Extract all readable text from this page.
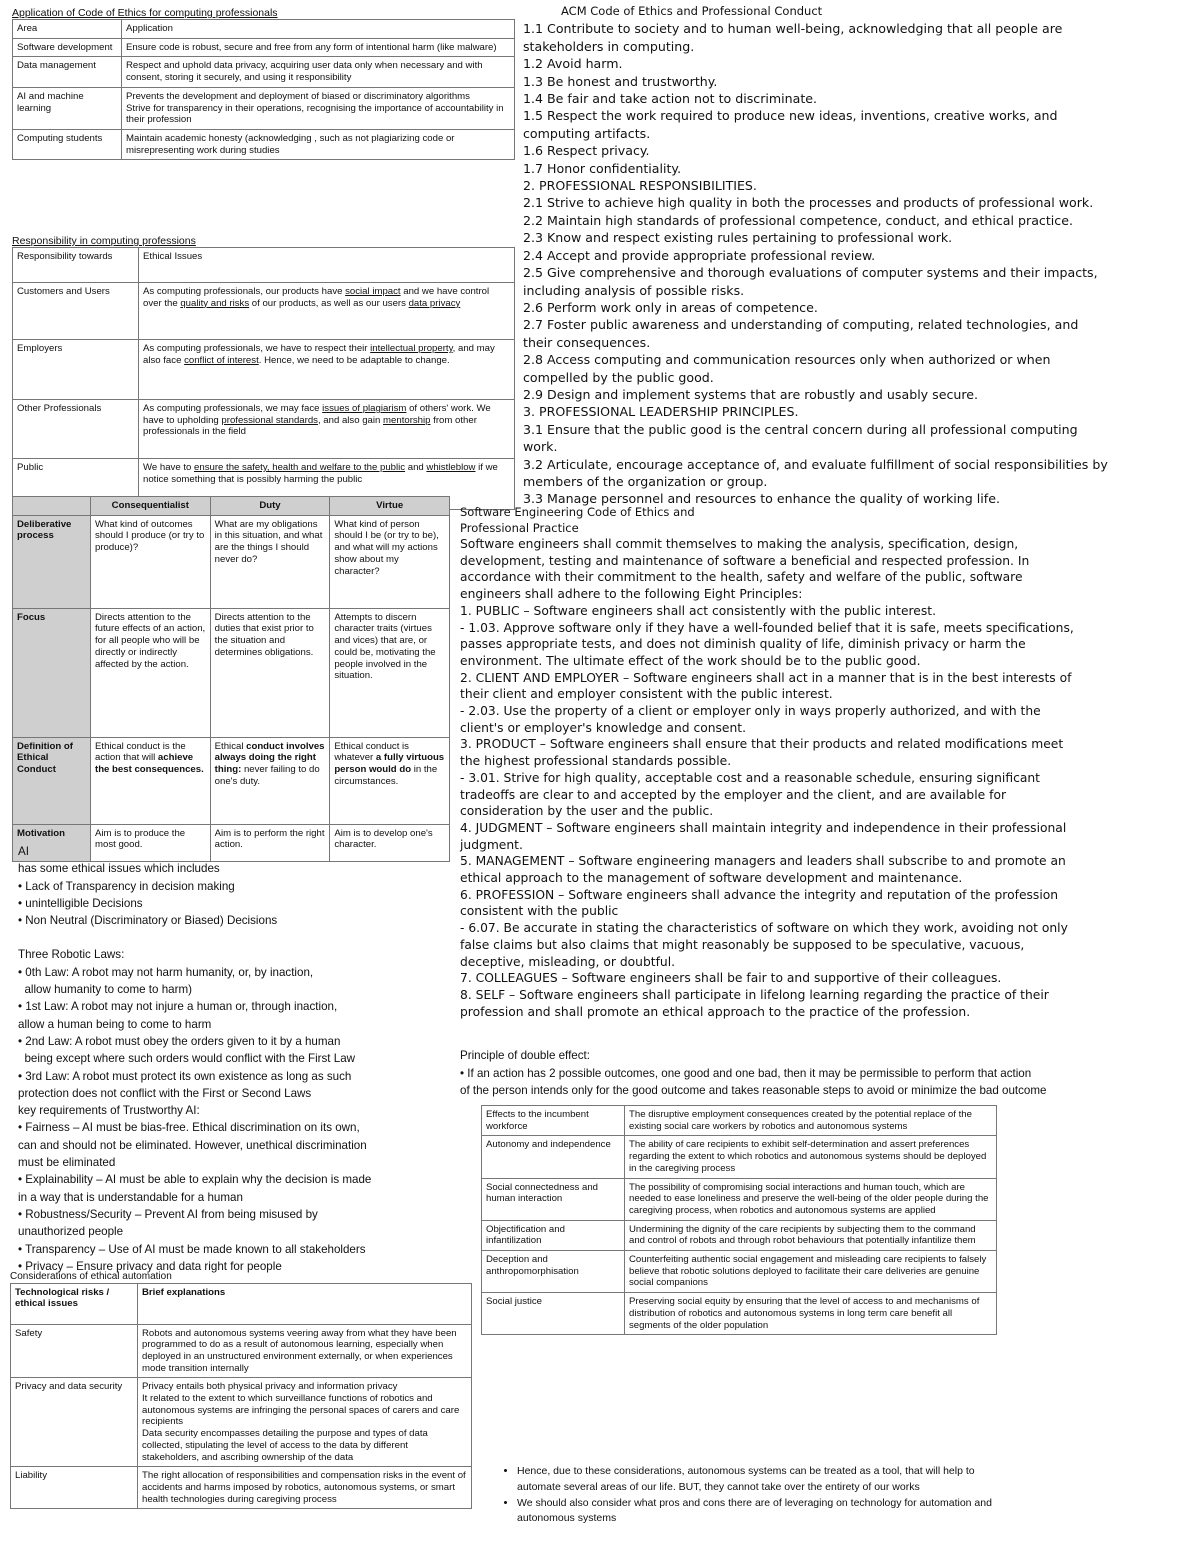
Application of Code of Ethics for computing professionals
Area	Application
Software development	Ensure code is robust, secure and free from any form of intentional harm (like malware)
Data management	Respect and uphold data privacy, acquiring user data only when necessary and with consent, storing it securely, and using it responsibility
AI and machine learning	Prevents the development and deployment of biased or discriminatory algorithms
Strive for transparency in their operations, recognising the importance of accountability in their profession
Computing students	Maintain academic honesty (acknowledging , such as not plagiarizing code or misrepresenting work during studies
Responsibility in computing professions
Responsibility towards	Ethical Issues
Customers and Users	As computing professionals, our products have social impact and we have control over the quality and risks of our products, as well as our users data privacy
Employers	As computing professionals, we have to respect their intellectual property, and may also face conflict of interest. Hence, we need to be adaptable to change.
Other Professionals	As computing professionals, we may face issues of plagiarism of others' work. We have to upholding professional standards, and also gain mentorship from other professionals in the field
Public	We have to ensure the safety, health and welfare to the public and whistleblow if we notice something that is possibly harming the public
	Consequentialist	Duty	Virtue
Deliberative process	What kind of outcomes should I produce (or try to produce)?	What are my obligations in this situation, and what are the things I should never do?	What kind of person should I be (or try to be), and what will my actions show about my character?
Focus	Directs attention to the future effects of an action, for all people who will be directly or indirectly affected by the action.	Directs attention to the duties that exist prior to the situation and determines obligations.	Attempts to discern character traits (virtues and vices) that are, or could be, motivating the people involved in the situation.
Definition of Ethical Conduct	Ethical conduct is the action that will achieve the best consequences.	Ethical conduct involves always doing the right thing: never failing to do one's duty.	Ethical conduct is whatever a fully virtuous person would do in the circumstances.
Motivation	Aim is to produce the most good.	Aim is to perform the right action.	Aim is to develop one's character.

AI

has some ethical issues which includes

• Lack of Transparency in decision making

• unintelligible Decisions

• Non Neutral (Discriminatory or Biased) Decisions

Three Robotic Laws:

• 0th Law: A robot may not harm humanity, or, by inaction,

allow humanity to come to harm)

• 1st Law: A robot may not injure a human or, through inaction,

allow a human being to come to harm

• 2nd Law: A robot must obey the orders given to it by a human

being except where such orders would conflict with the First Law

• 3rd Law: A robot must protect its own existence as long as such

protection does not conflict with the First or Second Laws

key requirements of Trustworthy AI:

• Fairness – AI must be bias-free. Ethical discrimination on its own,

can and should not be eliminated. However, unethical discrimination

must be eliminated

• Explainability – AI must be able to explain why the decision is made

in a way that is understandable for a human

• Robustness/Security – Prevent AI from being misused by

unauthorized people

• Transparency – Use of AI must be made known to all stakeholders

• Privacy – Ensure privacy and data right for people

Considerations of ethical automation
Technological risks / ethical issues	Brief explanations
Safety	Robots and autonomous systems veering away from what they have been programmed to do as a result of autonomous learning, especially when deployed in an unstructured environment externally, or when experiences mode transition internally
Privacy and data security	Privacy entails both physical privacy and information privacy
It related to the extent to which surveillance functions of robotics and autonomous systems are infringing the personal spaces of carers and care recipients
Data security encompasses detailing the purpose and types of data collected, stipulating the level of access to the data by different stakeholders, and ascribing ownership of the data
Liability	The right allocation of responsibilities and compensation risks in the event of accidents and harms imposed by robotics, autonomous systems, or smart health technologies during caregiving process

ACM Code of Ethics and Professional Conduct

1.1 Contribute to society and to human well-being, acknowledging that all people are

stakeholders in computing.

1.2 Avoid harm.

1.3 Be honest and trustworthy.

1.4 Be fair and take action not to discriminate.

1.5 Respect the work required to produce new ideas, inventions, creative works, and

computing artifacts.

1.6 Respect privacy.

1.7 Honor confidentiality.

2. PROFESSIONAL RESPONSIBILITIES.

2.1 Strive to achieve high quality in both the processes and products of professional work.

2.2 Maintain high standards of professional competence, conduct, and ethical practice.

2.3 Know and respect existing rules pertaining to professional work.

2.4 Accept and provide appropriate professional review.

2.5 Give comprehensive and thorough evaluations of computer systems and their impacts,

including analysis of possible risks.

2.6 Perform work only in areas of competence.

2.7 Foster public awareness and understanding of computing, related technologies, and

their consequences.

2.8 Access computing and communication resources only when authorized or when

compelled by the public good.

2.9 Design and implement systems that are robustly and usably secure.

3. PROFESSIONAL LEADERSHIP PRINCIPLES.

3.1 Ensure that the public good is the central concern during all professional computing

work.

3.2 Articulate, encourage acceptance of, and evaluate fulfillment of social responsibilities by

members of the organization or group.

3.3 Manage personnel and resources to enhance the quality of working life.

Software Engineering Code of Ethics and

Professional Practice

Software engineers shall commit themselves to making the analysis, specification, design,

development, testing and maintenance of software a beneficial and respected profession. In

accordance with their commitment to the health, safety and welfare of the public, software

engineers shall adhere to the following Eight Principles:

1. PUBLIC – Software engineers shall act consistently with the public interest.

- 1.03. Approve software only if they have a well-founded belief that it is safe, meets specifications,

passes appropriate tests, and does not diminish quality of life, diminish privacy or harm the

environment. The ultimate effect of the work should be to the public good.

2. CLIENT AND EMPLOYER – Software engineers shall act in a manner that is in the best interests of

their client and employer consistent with the public interest.

- 2.03. Use the property of a client or employer only in ways properly authorized, and with the

client's or employer's knowledge and consent.

3. PRODUCT – Software engineers shall ensure that their products and related modifications meet

the highest professional standards possible.

- 3.01. Strive for high quality, acceptable cost and a reasonable schedule, ensuring significant

tradeoffs are clear to and accepted by the employer and the client, and are available for

consideration by the user and the public.

4. JUDGMENT – Software engineers shall maintain integrity and independence in their professional

judgment.

5. MANAGEMENT – Software engineering managers and leaders shall subscribe to and promote an

ethical approach to the management of software development and maintenance.

6. PROFESSION – Software engineers shall advance the integrity and reputation of the profession

consistent with the public

- 6.07. Be accurate in stating the characteristics of software on which they work, avoiding not only

false claims but also claims that might reasonably be supposed to be speculative, vacuous,

deceptive, misleading, or doubtful.

7. COLLEAGUES – Software engineers shall be fair to and supportive of their colleagues.

8. SELF – Software engineers shall participate in lifelong learning regarding the practice of their

profession and shall promote an ethical approach to the practice of the profession.

Principle of double effect:
• If an action has 2 possible outcomes, one good and one bad, then it may be permissible to perform that action
of the person intends only for the good outcome and takes reasonable steps to avoid or minimize the bad outcome
Effects to the incumbent workforce	The disruptive employment consequences created by the potential replace of the existing social care workers by robotics and autonomous systems
Autonomy and independence	The ability of care recipients to exhibit self-determination and assert preferences regarding the extent to which robotics and autonomous systems should be deployed in the caregiving process
Social connectedness and human interaction	The possibility of compromising social interactions and human touch, which are needed to ease loneliness and preserve the well-being of the older people during the caregiving process, when robotics and autonomous systems are applied
Objectification and infantilization	Undermining the dignity of the care recipients by subjecting them to the command and control of robots and through robot behaviours that potentially infantilize them
Deception and anthropomorphisation	Counterfeiting authentic social engagement and misleading care recipients to falsely believe that robotic solutions deployed to facilitate their care deliveries are genuine social companions
Social justice	Preserving social equity by ensuring that the level of access to and mechanisms of distribution of robotics and autonomous systems in long term care benefit all segments of the older population
• Hence, due to these considerations, autonomous systems can be treated as a tool, that will help to automate several areas of our life. BUT, they cannot take over the entirety of our works
• We should also consider what pros and cons there are of leveraging on technology for automation and autonomous systems
